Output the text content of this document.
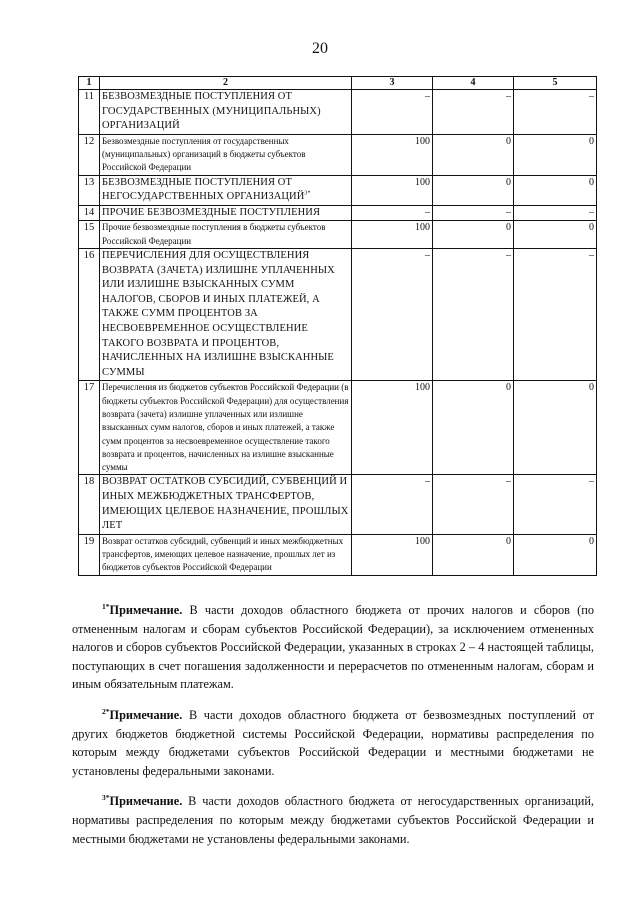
20
1	2	3	4	5
11	БЕЗВОЗМЕЗДНЫЕ ПОСТУПЛЕНИЯ ОТ ГОСУДАРСТВЕННЫХ (МУНИЦИПАЛЬНЫХ) ОРГАНИЗАЦИЙ	–	–	–
12	Безвозмездные поступления от государственных (муниципальных) организаций в бюджеты субъектов Российской Федерации	100	0	0
13	БЕЗВОЗМЕЗДНЫЕ ПОСТУПЛЕНИЯ ОТ НЕГОСУДАРСТВЕННЫХ $ОРГАНИЗАЦИЙ^{3*}$	100	0	0
14	ПРОЧИЕ БЕЗВОЗМЕЗДНЫЕ ПОСТУПЛЕНИЯ	–	–	–
15	Прочие безвозмездные поступления в бюджеты субъектов Российской Федерации	100	0	0
16	ПЕРЕЧИСЛЕНИЯ ДЛЯ ОСУЩЕСТВЛЕНИЯ ВОЗВРАТА (ЗАЧЕТА) ИЗЛИШНЕ УПЛАЧЕННЫХ ИЛИ ИЗЛИШНЕ ВЗЫСКАННЫХ СУММ НАЛОГОВ, СБОРОВ И ИНЫХ ПЛАТЕЖЕЙ, А ТАКЖЕ СУММ ПРОЦЕНТОВ ЗА НЕСВОЕВРЕМЕННОЕ ОСУЩЕСТВЛЕНИЕ ТАКОГО ВОЗВРАТА И ПРОЦЕНТОВ, НАЧИСЛЕННЫХ НА ИЗЛИШНЕ ВЗЫСКАННЫЕ СУММЫ	–	–	–
17	Перечисления из бюджетов субъектов Российской Федерации (в бюджеты субъектов Российской Федерации) для осуществления возврата (зачета) излишне уплаченных или излишне взысканных сумм налогов, сборов и иных платежей, а также сумм процентов за несвоевременное осуществление такого возврата и процентов, начисленных на излишне взысканные суммы	100	0	0
18	ВОЗВРАТ ОСТАТКОВ СУБСИДИЙ, СУБВЕНЦИЙ И ИНЫХ МЕЖБЮДЖЕТНЫХ ТРАНСФЕРТОВ, ИМЕЮЩИХ ЦЕЛЕВОЕ НАЗНАЧЕНИЕ, ПРОШЛЫХ ЛЕТ	–	–	–
19	Возврат остатков субсидий, субвенций и иных межбюджетных трансфертов, имеющих целевое назначение, прошлых лет из бюджетов субъектов Российской Федерации	100	0	0

$^{1*}$Примечание. В части доходов областного бюджета от прочих налогов и сборов (по отмененным налогам и сборам субъектов Российской Федерации), за исключением отмененных налогов и сборов субъектов Российской Федерации, указанных в строках 2 – 4 настоящей таблицы, поступающих в счет погашения задолженности и перерасчетов по отмененным налогам, сборам и иным обязательным платежам.

$^{2*}$Примечание. В части доходов областного бюджета от безвозмездных поступлений от других бюджетов бюджетной системы Российской Федерации, нормативы распределения по которым между бюджетами субъектов Российской Федерации и местными бюджетами не установлены федеральными законами.

$^{3*}$Примечание. В части доходов областного бюджета от негосударственных организаций, нормативы распределения по которым между бюджетами субъектов Российской Федерации и местными бюджетами не установлены федеральными законами.
